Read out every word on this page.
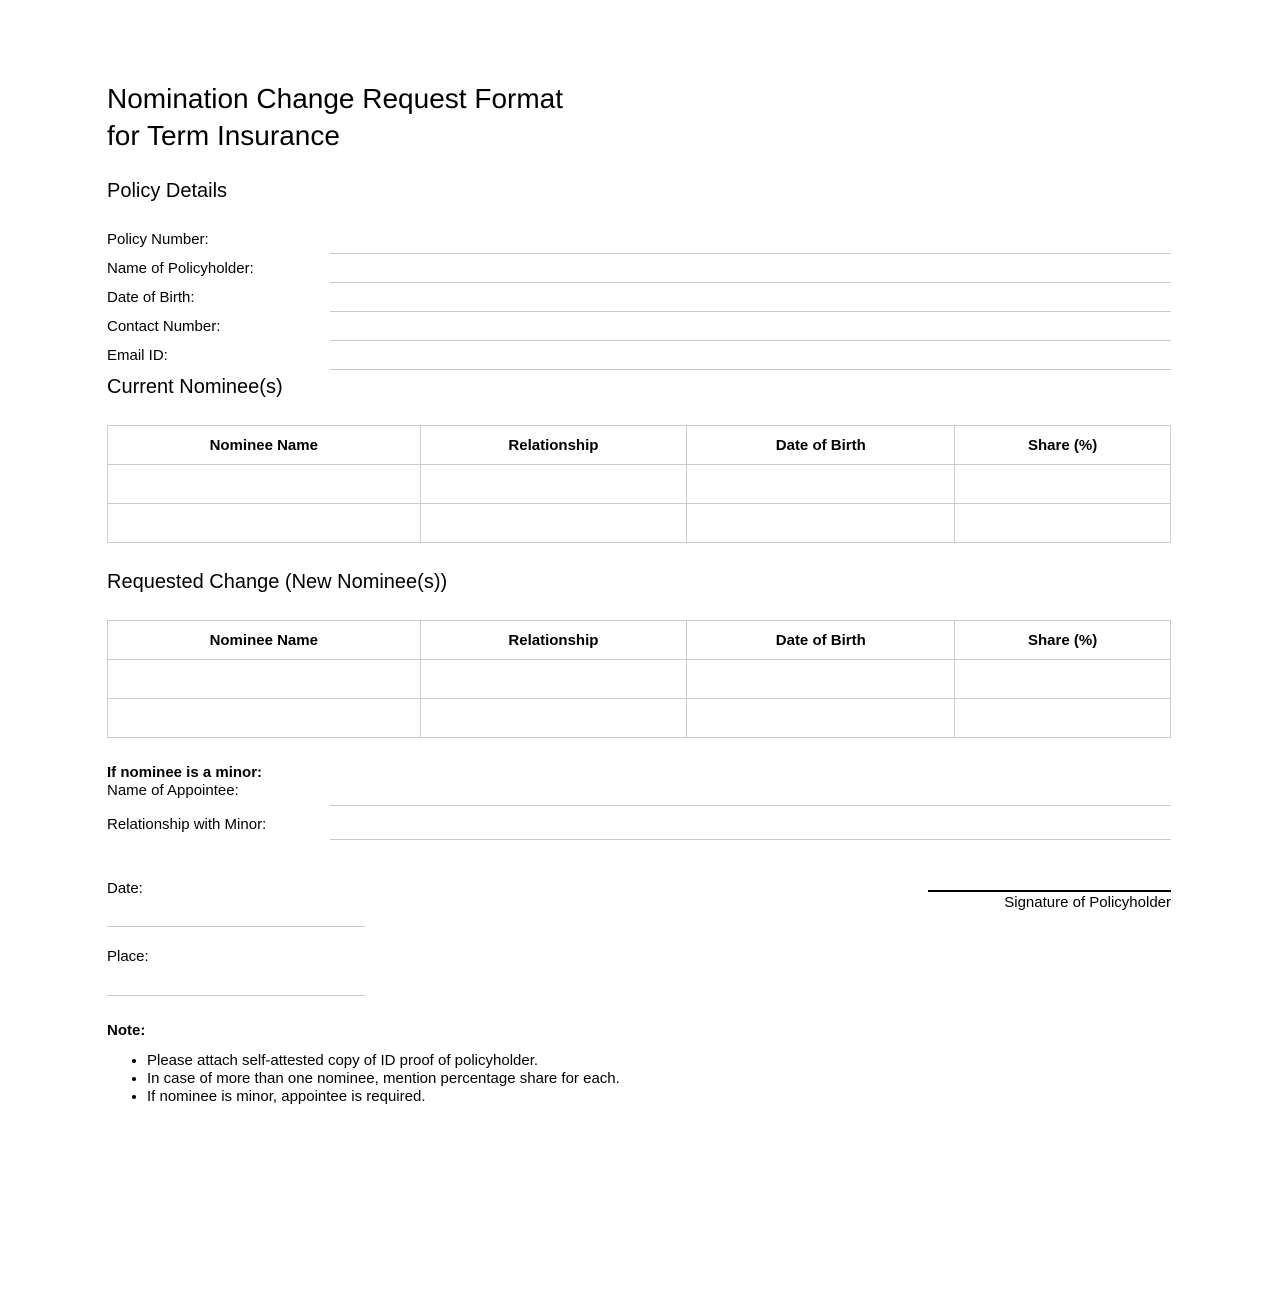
Nomination Change Request Format
for Term Insurance
Policy Details
Policy Number:
Name of Policyholder:
Date of Birth:
Contact Number:
Email ID:
Current Nominee(s)
Nominee Name	Relationship	Date of Birth	Share (%)

Requested Change (New Nominee(s))
Nominee Name	Relationship	Date of Birth	Share (%)

If nominee is a minor:

Name of Appointee:
Relationship with Minor:
Date:
Signature of Policyholder
Place:

Note:

• Please attach self-attested copy of ID proof of policyholder.
• In case of more than one nominee, mention percentage share for each.
• If nominee is minor, appointee is required.
